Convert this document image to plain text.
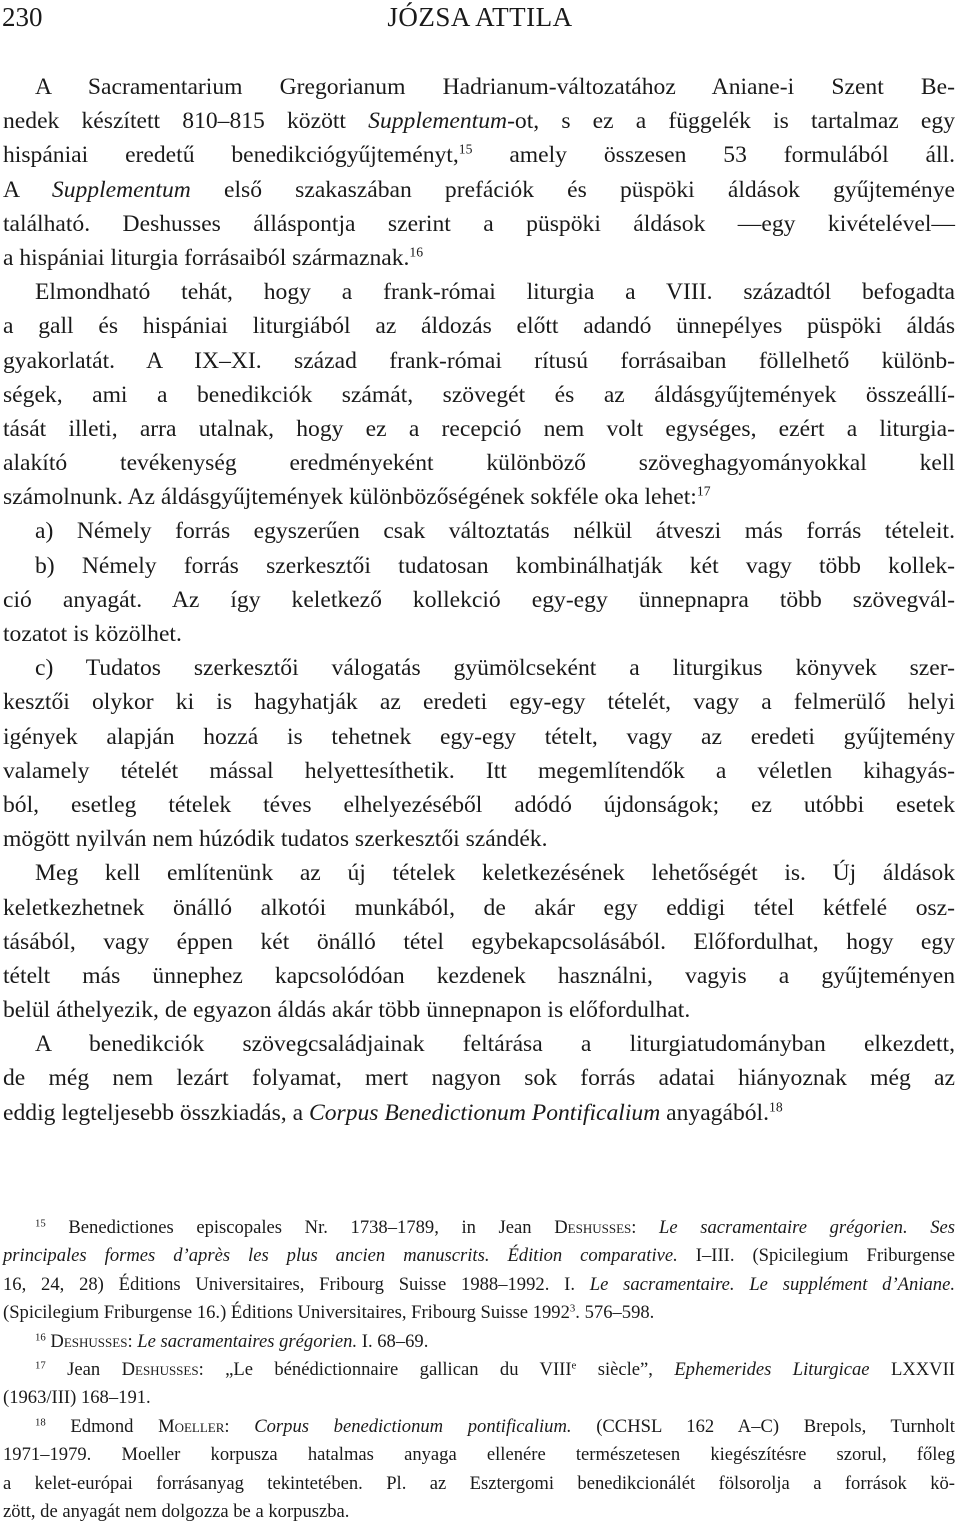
230	JÓZSA ATTILA
A Sacramentarium Gregorianum Hadrianum-változatához Aniane-i Szent Be-
nedek készített 810–815 között Supplementum-ot, s ez a függelék is tartalmaz egy
hispániai eredetű benedikciógyűjteményt,$^{15}$ amely összesen 53 formulából áll.
A Supplementum első szakaszában prefációk és püspöki áldások gyűjteménye
található. Deshusses álláspontja szerint a püspöki áldások —egy kivételével—
a hispániai liturgia forrásaiból származnak.$^{16}$
Elmondható tehát, hogy a frank-római liturgia a VIII. századtól befogadta
a gall és hispániai liturgiából az áldozás előtt adandó ünnepélyes püspöki áldás
gyakorlatát. A IX–XI. század frank-római rítusú forrásaiban föllelhető különb-
ségek, ami a benedikciók számát, szövegét és az áldásgyűjtemények összeállí-
tását illeti, arra utalnak, hogy ez a recepció nem volt egységes, ezért a liturgia-
alakító tevékenység eredményeként különböző szöveghagyományokkal kell
számolnunk. Az áldásgyűjtemények különbözőségének sokféle oka lehet:$^{17}$
a) Némely forrás egyszerűen csak változtatás nélkül átveszi más forrás tételeit.
b) Némely forrás szerkesztői tudatosan kombinálhatják két vagy több kollek-
ció anyagát. Az így keletkező kollekció egy-egy ünnepnapra több szövegvál-
tozatot is közölhet.
c) Tudatos szerkesztői válogatás gyümölcseként a liturgikus könyvek szer-
kesztői olykor ki is hagyhatják az eredeti egy-egy tételét, vagy a felmerülő helyi
igények alapján hozzá is tehetnek egy-egy tételt, vagy az eredeti gyűjtemény
valamely tételét mással helyettesíthetik. Itt megemlítendők a véletlen kihagyás-
ból, esetleg tételek téves elhelyezéséből adódó újdonságok; ez utóbbi esetek
mögött nyilván nem húzódik tudatos szerkesztői szándék.
Meg kell említenünk az új tételek keletkezésének lehetőségét is. Új áldások
keletkezhetnek önálló alkotói munkából, de akár egy eddigi tétel kétfelé osz-
tásából, vagy éppen két önálló tétel egybekapcsolásából. Előfordulhat, hogy egy
tételt más ünnephez kapcsolódóan kezdenek használni, vagyis a gyűjteményen
belül áthelyezik, de egyazon áldás akár több ünnepnapon is előfordulhat.
A benedikciók szövegcsaládjainak feltárása a liturgiatudományban elkezdett,
de még nem lezárt folyamat, mert nagyon sok forrás adatai hiányoznak még az
eddig legteljesebb összkiadás, a Corpus Benedictionum Pontificalium anyagából.$^{18}$
$^{15}$ Benedictiones episcopales Nr. 1738–1789, in Jean Deshusses: Le sacramentaire grégorien. Ses
principales formes d’après les plus ancien manuscrits. Édition comparative. I–III. (Spicilegium Friburgense
16, 24, 28) Éditions Universitaires, Fribourg Suisse 1988–1992. I. Le sacramentaire. Le supplément d’Aniane.
(Spicilegium Friburgense 16.) Éditions Universitaires, Fribourg Suisse 1992$^3$. 576–598.
$^{16}$ Deshusses: Le sacramentaires grégorien. I. 68–69.
$^{17}$ Jean Deshusses: „Le bénédictionnaire gallican du VIIIe siècle”, Ephemerides Liturgicae LXXVII
(1963/III) 168–191.
$^{18}$ Edmond Moeller: Corpus benedictionum pontificalium. (CCHSL 162 A–C) Brepols, Turnholt
1971–1979. Moeller korpusza hatalmas anyaga ellenére természetesen kiegészítésre szorul, főleg
a kelet-európai forrásanyag tekintetében. Pl. az Esztergomi benedikcionálét fölsorolja a források kö-
zött, de anyagát nem dolgozza be a korpuszba.
